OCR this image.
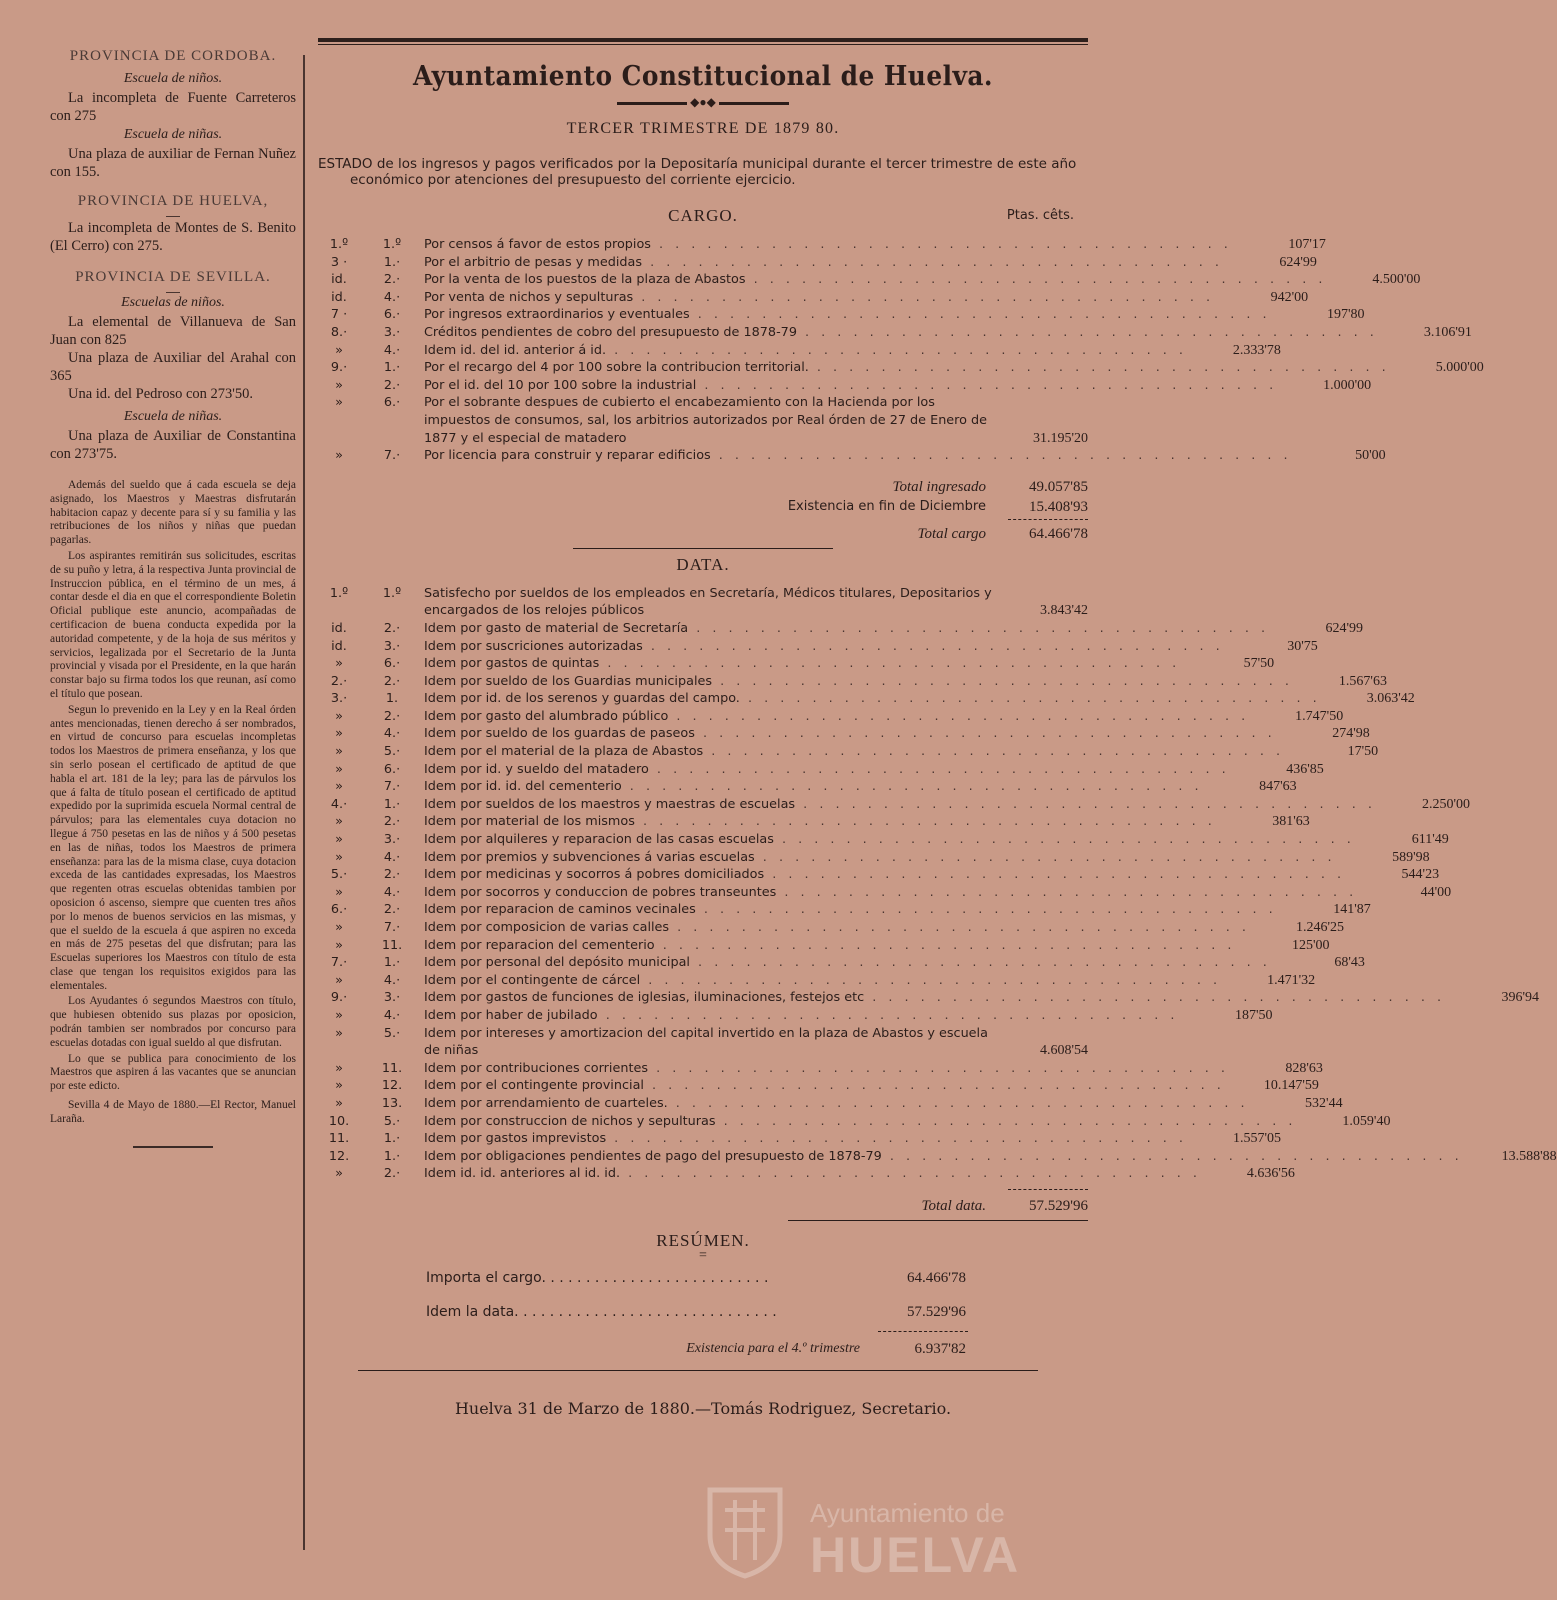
PROVINCIA DE CORDOBA.
Escuela de niños.

La incompleta de Fuente Carreteros con 275

Escuela de niñas.

Una plaza de auxiliar de Fernan Nuñez con 155.

PROVINCIA DE HUELVA,

La incompleta de Montes de S. Benito (El Cerro) con 275.

PROVINCIA DE SEVILLA.
Escuelas de niños.

La elemental de Villanueva de San Juan con 825

Una plaza de Auxiliar del Arahal con 365

Una id. del Pedroso con 273'50.

Escuela de niñas.

Una plaza de Auxiliar de Constantina con 273'75.

Además del sueldo que á cada escuela se deja asignado, los Maestros y Maestras disfrutarán habitacion capaz y decente para sí y su familia y las retribuciones de los niños y niñas que puedan pagarlas.

Los aspirantes remitirán sus solicitudes, escritas de su puño y letra, á la respectiva Junta provincial de Instruccion pública, en el término de un mes, á contar desde el dia en que el correspondiente Boletin Oficial publique este anuncio, acompañadas de certificacion de buena conducta expedida por la autoridad competente, y de la hoja de sus méritos y servicios, legalizada por el Secretario de la Junta provincial y visada por el Presidente, en la que harán constar bajo su firma todos los que reunan, así como el título que posean.

Segun lo prevenido en la Ley y en la Real órden antes mencionadas, tienen derecho á ser nombrados, en virtud de concurso para escuelas incompletas todos los Maestros de primera enseñanza, y los que sin serlo posean el certificado de aptitud de que habla el art. 181 de la ley; para las de párvulos los que á falta de título posean el certificado de aptitud expedido por la suprimida escuela Normal central de párvulos; para las elementales cuya dotacion no llegue á 750 pesetas en las de niños y á 500 pesetas en las de niñas, todos los Maestros de primera enseñanza: para las de la misma clase, cuya dotacion exceda de las cantidades expresadas, los Maestros que regenten otras escuelas obtenidas tambien por oposicion ó ascenso, siempre que cuenten tres años por lo menos de buenos servicios en las mismas, y que el sueldo de la escuela á que aspiren no exceda en más de 275 pesetas del que disfrutan; para las Escuelas superiores los Maestros con título de esta clase que tengan los requisitos exigidos para las elementales.

Los Ayudantes ó segundos Maestros con título, que hubiesen obtenido sus plazas por oposicion, podrán tambien ser nombrados por concurso para escuelas dotadas con igual sueldo al que disfrutan.

Lo que se publica para conocimiento de los Maestros que aspiren á las vacantes que se anuncian por este edicto.

Sevilla 4 de Mayo de 1880.—El Rector, Manuel Laraña.

Ayuntamiento Constitucional de Huelva.
◆●◆
TERCER TRIMESTRE DE 1879 80.
ESTADO de los ingresos y pagos verificados por la Depositaría municipal durante el tercer trimestre de este año
económico por atenciones del presupuesto del corriente ejercicio.
CARGO.	Ptas. cêts.
1.º	1.º	Por censos á favor de estos propios . . . . . . . . . . . . . . . . . . . . . . . . . . . . . . . . . . . .	107'17
3 ·	1.·	Por el arbitrio de pesas y medidas . . . . . . . . . . . . . . . . . . . . . . . . . . . . . . . . . . . .	624'99
id.	2.·	Por la venta de los puestos de la plaza de Abastos . . . . . . . . . . . . . . . . . . . . . . . . . . . . . . . . . . . .	4.500'00
id.	4.·	Por venta de nichos y sepulturas . . . . . . . . . . . . . . . . . . . . . . . . . . . . . . . . . . . .	942'00
7 ·	6.·	Por ingresos extraordinarios y eventuales . . . . . . . . . . . . . . . . . . . . . . . . . . . . . . . . . . . .	197'80
8.·	3.·	Créditos pendientes de cobro del presupuesto de 1878-79 . . . . . . . . . . . . . . . . . . . . . . . . . . . . . . . . . . . .	3.106'91
»	4.·	Idem id. del id. anterior á id. . . . . . . . . . . . . . . . . . . . . . . . . . . . . . . . . . . . .	2.333'78
9.·	1.·	Por el recargo del 4 por 100 sobre la contribucion territorial. . . . . . . . . . . . . . . . . . . . . . . . . . . . . . . . . . . . .	5.000'00
»	2.·	Por el id. del 10 por 100 sobre la industrial . . . . . . . . . . . . . . . . . . . . . . . . . . . . . . . . . . . .	1.000'00
»	6.·	Por el sobrante despues de cubierto el encabezamiento con la Hacienda por los impuestos de consumos, sal, los arbitrios autorizados por Real órden de 27 de Enero de 1877 y el especial de matadero	31.195'20
»	7.·	Por licencia para construir y reparar edificios . . . . . . . . . . . . . . . . . . . . . . . . . . . . . . . . . . . .	50'00
Total ingresado	49.057'85
Existencia en fin de Diciembre	15.408'93
Total cargo	64.466'78
DATA.
1.º	1.º	Satisfecho por sueldos de los empleados en Secretaría, Médicos titulares, Depositarios y encargados de los relojes públicos	3.843'42
id.	2.·	Idem por gasto de material de Secretaría . . . . . . . . . . . . . . . . . . . . . . . . . . . . . . . . . . . .	624'99
id.	3.·	Idem por suscriciones autorizadas . . . . . . . . . . . . . . . . . . . . . . . . . . . . . . . . . . . .	30'75
»	6.·	Idem por gastos de quintas . . . . . . . . . . . . . . . . . . . . . . . . . . . . . . . . . . . .	57'50
2.·	2.·	Idem por sueldo de los Guardias municipales . . . . . . . . . . . . . . . . . . . . . . . . . . . . . . . . . . . .	1.567'63
3.·	1.	Idem por id. de los serenos y guardas del campo. . . . . . . . . . . . . . . . . . . . . . . . . . . . . . . . . . . . .	3.063'42
»	2.·	Idem por gasto del alumbrado público . . . . . . . . . . . . . . . . . . . . . . . . . . . . . . . . . . . .	1.747'50
»	4.·	Idem por sueldo de los guardas de paseos . . . . . . . . . . . . . . . . . . . . . . . . . . . . . . . . . . . .	274'98
»	5.·	Idem por el material de la plaza de Abastos . . . . . . . . . . . . . . . . . . . . . . . . . . . . . . . . . . . .	17'50
»	6.·	Idem por id. y sueldo del matadero . . . . . . . . . . . . . . . . . . . . . . . . . . . . . . . . . . . .	436'85
»	7.·	Idem por id. id. del cementerio . . . . . . . . . . . . . . . . . . . . . . . . . . . . . . . . . . . .	847'63
4.·	1.·	Idem por sueldos de los maestros y maestras de escuelas . . . . . . . . . . . . . . . . . . . . . . . . . . . . . . . . . . . .	2.250'00
»	2.·	Idem por material de los mismos . . . . . . . . . . . . . . . . . . . . . . . . . . . . . . . . . . . .	381'63
»	3.·	Idem por alquileres y reparacion de las casas escuelas . . . . . . . . . . . . . . . . . . . . . . . . . . . . . . . . . . . .	611'49
»	4.·	Idem por premios y subvenciones á varias escuelas . . . . . . . . . . . . . . . . . . . . . . . . . . . . . . . . . . . .	589'98
5.·	2.·	Idem por medicinas y socorros á pobres domiciliados . . . . . . . . . . . . . . . . . . . . . . . . . . . . . . . . . . . .	544'23
»	4.·	Idem por socorros y conduccion de pobres transeuntes . . . . . . . . . . . . . . . . . . . . . . . . . . . . . . . . . . . .	44'00
6.·	2.·	Idem por reparacion de caminos vecinales . . . . . . . . . . . . . . . . . . . . . . . . . . . . . . . . . . . .	141'87
»	7.·	Idem por composicion de varias calles . . . . . . . . . . . . . . . . . . . . . . . . . . . . . . . . . . . .	1.246'25
»	11.	Idem por reparacion del cementerio . . . . . . . . . . . . . . . . . . . . . . . . . . . . . . . . . . . .	125'00
7.·	1.·	Idem por personal del depósito municipal . . . . . . . . . . . . . . . . . . . . . . . . . . . . . . . . . . . .	68'43
»	4.·	Idem por el contingente de cárcel . . . . . . . . . . . . . . . . . . . . . . . . . . . . . . . . . . . .	1.471'32
9.·	3.·	Idem por gastos de funciones de iglesias, iluminaciones, festejos etc . . . . . . . . . . . . . . . . . . . . . . . . . . . . . . . . . . . .	396'94
»	4.·	Idem por haber de jubilado . . . . . . . . . . . . . . . . . . . . . . . . . . . . . . . . . . . .	187'50
»	5.·	Idem por intereses y amortizacion del capital invertido en la plaza de Abastos y escuela de niñas	4.608'54
»	11.	Idem por contribuciones corrientes . . . . . . . . . . . . . . . . . . . . . . . . . . . . . . . . . . . .	828'63
»	12.	Idem por el contingente provincial . . . . . . . . . . . . . . . . . . . . . . . . . . . . . . . . . . . .	10.147'59
»	13.	Idem por arrendamiento de cuarteles. . . . . . . . . . . . . . . . . . . . . . . . . . . . . . . . . . . . .	532'44
10.	5.·	Idem por construccion de nichos y sepulturas . . . . . . . . . . . . . . . . . . . . . . . . . . . . . . . . . . . .	1.059'40
11.	1.·	Idem por gastos imprevistos . . . . . . . . . . . . . . . . . . . . . . . . . . . . . . . . . . . .	1.557'05
12.	1.·	Idem por obligaciones pendientes de pago del presupuesto de 1878-79 . . . . . . . . . . . . . . . . . . . . . . . . . . . . . . . . . . . .	13.588'88
»	2.·	Idem id. id. anteriores al id. id. . . . . . . . . . . . . . . . . . . . . . . . . . . . . . . . . . . . .	4.636'56
Total data.	57.529'96
RESÚMEN.
=
Importa el cargo. . . . . . . . . . . . . . . . . . . . . . . . . .	64.466'78
Idem la data. . . . . . . . . . . . . . . . . . . . . . . . . . . . . .	57.529'96
Existencia para el 4.º trimestre	6.937'82
Huelva 31 de Marzo de 1880.—Tomás Rodriguez, Secretario.
Ayuntamiento de
HUELVA
